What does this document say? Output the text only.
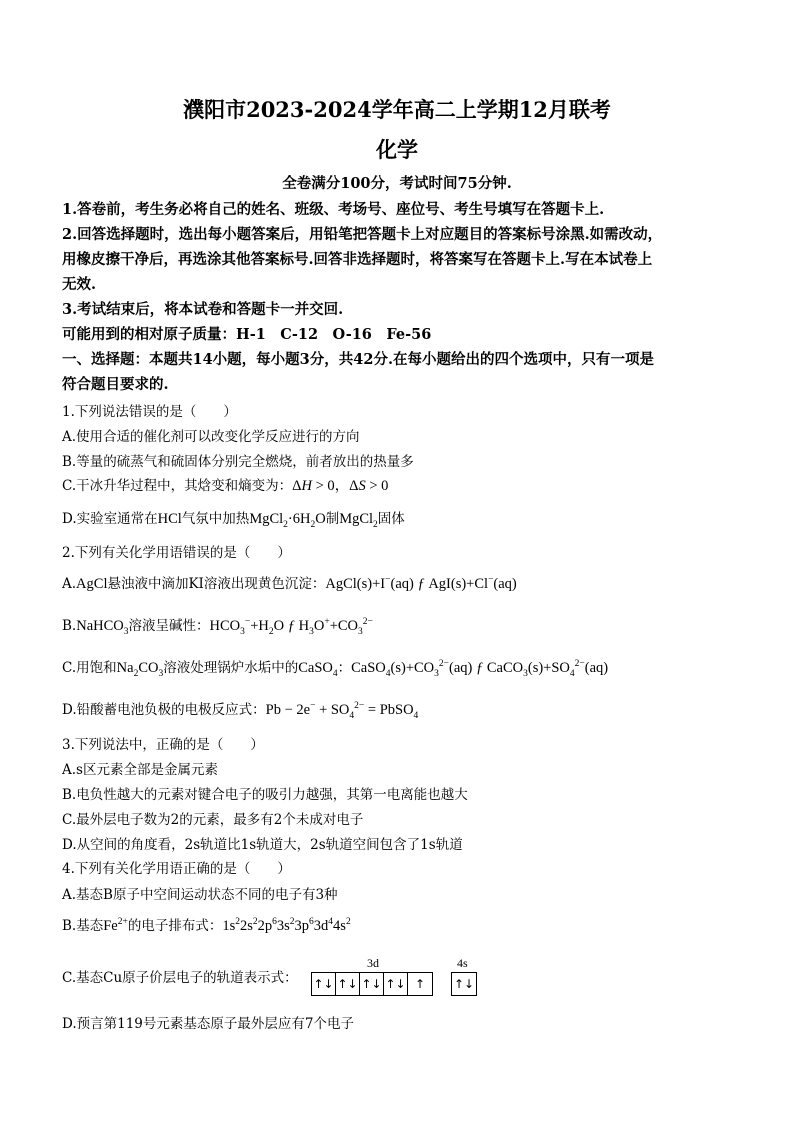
濮阳市2023-2024学年高二上学期12月联考
化学
全卷满分100分，考试时间75分钟.
1.答卷前，考生务必将自己的姓名、班级、考场号、座位号、考生号填写在答题卡上.
2.回答选择题时，选出每小题答案后，用铅笔把答题卡上对应题目的答案标号涂黑.如需改动，
用橡皮擦干净后，再选涂其他答案标号.回答非选择题时，将答案写在答题卡上.写在本试卷上
无效.
3.考试结束后，将本试卷和答题卡一并交回.
可能用到的相对原子质量：H-1　C-12　O-16　Fe-56
一、选择题：本题共14小题，每小题3分，共42分.在每小题给出的四个选项中，只有一项是
符合题目要求的.
1.下列说法错误的是（　　）
A.使用合适的催化剂可以改变化学反应进行的方向
B.等量的硫蒸气和硫固体分别完全燃烧，前者放出的热量多
C.干冰升华过程中，其焓变和熵变为：ΔH > 0，ΔS > 0
D.实验室通常在HCl气氛中加热$MgCl_2\cdot 6H_2O$制MgCl$_2$固体
2.下列有关化学用语错误的是（　　）
A.AgCl悬浊液中滴加KI溶液出现黄色沉淀：AgCl(s)+I−(aq) ƒ AgI(s)+Cl−(aq)
B.NaHCO$_3$溶液呈碱性：$HCO_3^-+H_2O$ ƒ $H_3O^++CO_3^{2-}$
C.用饱和$Na_2CO_3$溶液处理锅炉水垢中的CaSO$_4$：$CaSO_4(s)+CO_3^{2-}(aq)$ ƒ $CaCO_3(s)+SO_4^{2-}(aq)$
D.铅酸蓄电池负极的电极反应式：$Pb - 2e^- + SO_4^{2-}$ = PbSO$_4$
3.下列说法中，正确的是（　　）
A.s区元素全部是金属元素
B.电负性越大的元素对键合电子的吸引力越强，其第一电离能也越大
C.最外层电子数为2的元素，最多有2个未成对电子
D.从空间的角度看，2s轨道比1s轨道大，2s轨道空间包含了1s轨道
4.下列有关化学用语正确的是（　　）
A.基态B原子中空间运动状态不同的电子有3种
B.基态$Fe^{2+}$的电子排布式：$1s^22s^22p^63s^23p^63d^44s^2$
C.基态Cu原子价层电子的轨道表示式：
3d	4s
↑↓ ↑↓ ↑↓ ↑↓ ↑	↑↓
D.预言第119号元素基态原子最外层应有7个电子
